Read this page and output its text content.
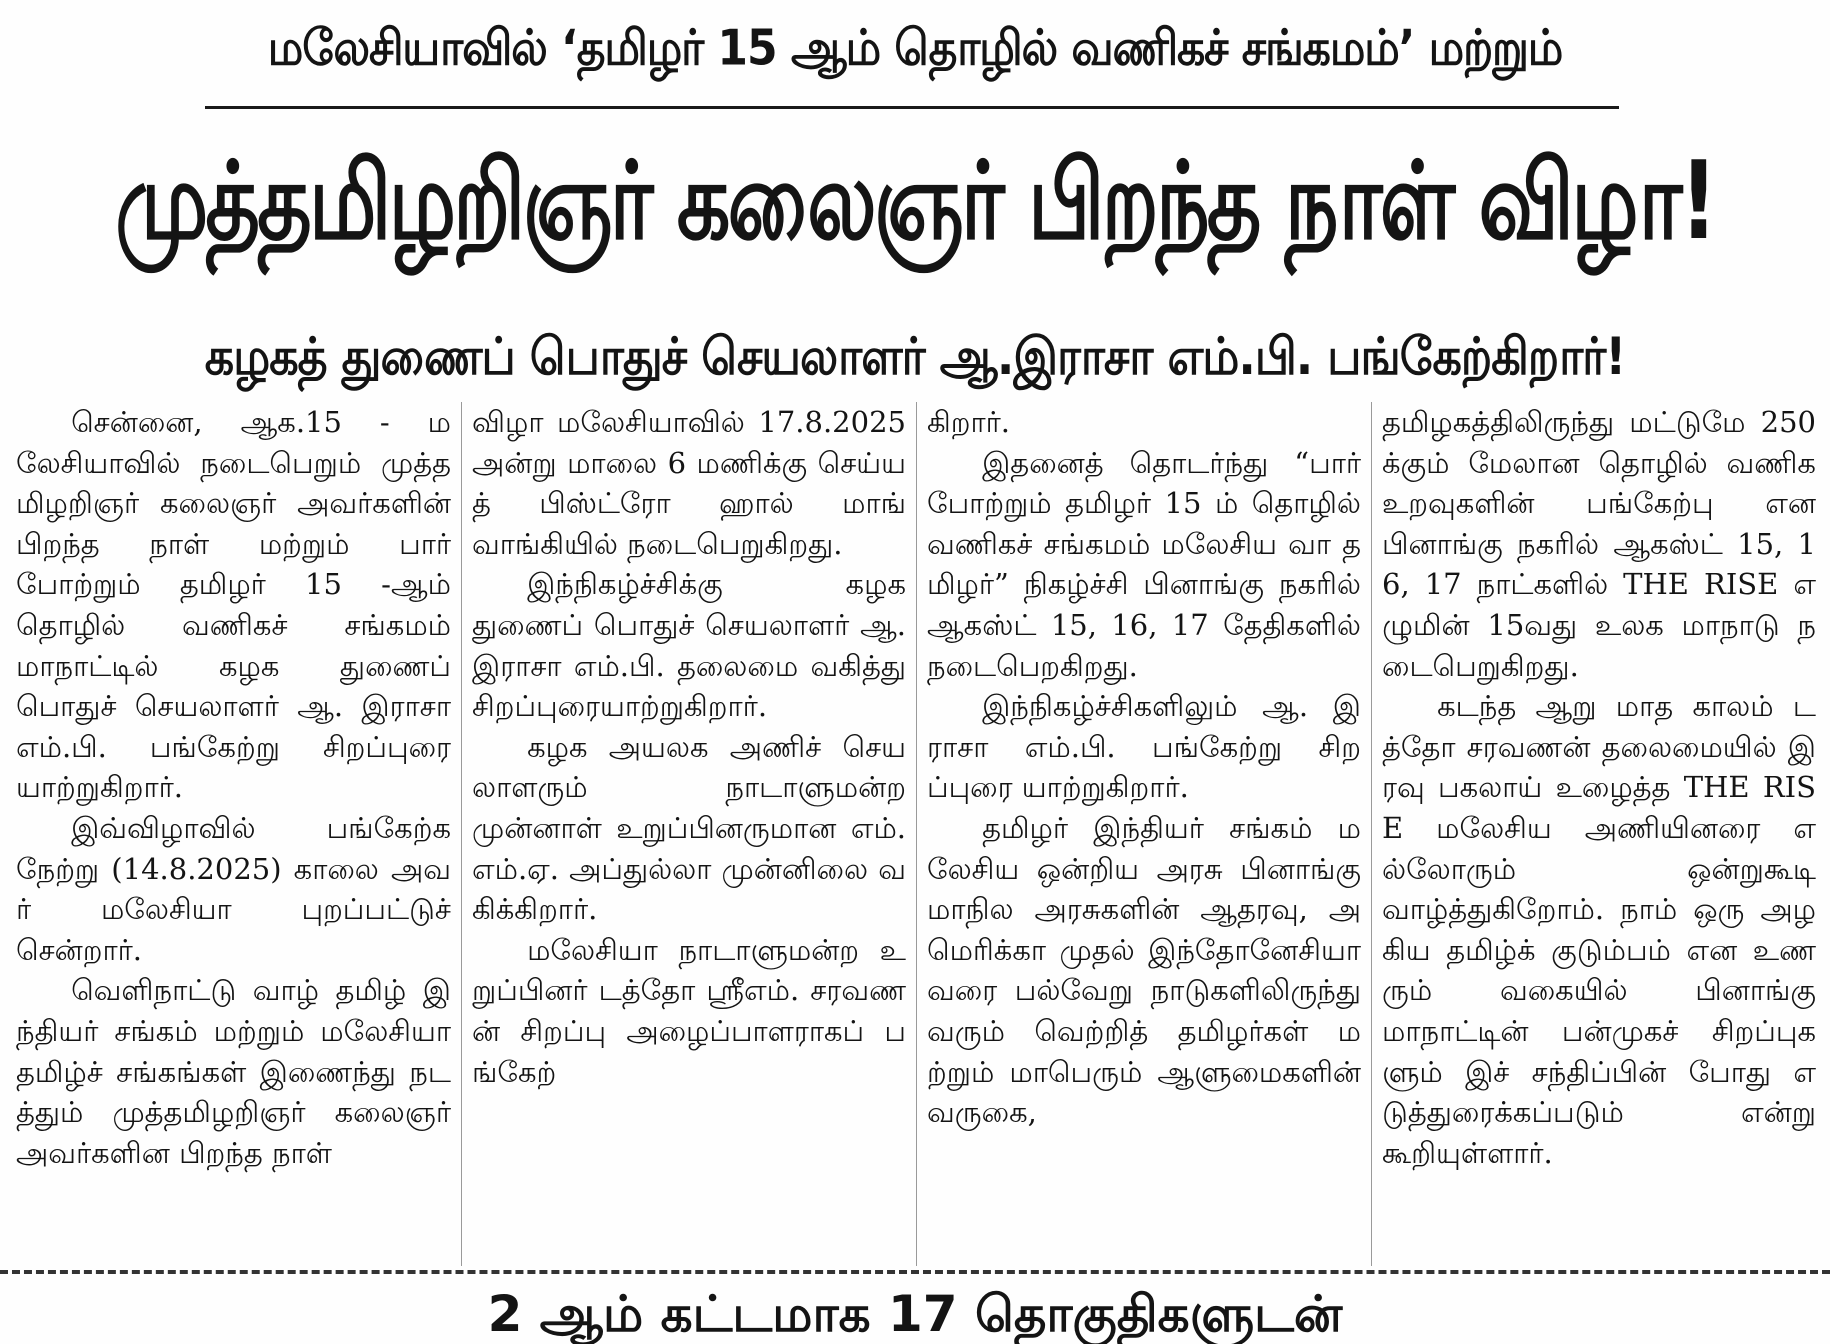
மலேசியாவில் ‘தமிழர் 15 ஆம் தொழில் வணிகச் சங்கமம்’ மற்றும்
முத்தமிழறிஞர் கலைஞர் பிறந்த நாள் விழா!
கழகத் துணைப் பொதுச் செயலாளர் ஆ.இராசா எம்.பி. பங்கேற்கிறார்!

சென்னை, ஆக.15 - மலேசியாவில் நடைபெறும் முத்தமிழறிஞர் கலைஞர் அவர்களின் பிறந்த நாள் மற்றும் பார் போற்றும் தமிழர் 15 -ஆம் தொழில் வணிகச் சங்கமம் மாநாட்டில் கழக துணைப் பொதுச் செயலாளர் ஆ. இராசா எம்.பி. பங்கேற்று சிறப்புரை யாற்றுகிறார்.

இவ்விழாவில் பங்கேற்க நேற்று (14.8.2025) காலை அவர் மலேசியா புறப்பட்டுச் சென்றார்.

வெளிநாட்டு வாழ் தமிழ் இந்தியர் சங்கம் மற்றும் மலேசியா தமிழ்ச் சங்கங்கள் இணைந்து நடத்தும் முத்தமிழறிஞர் கலைஞர் அவர்களின பிறந்த நாள்

விழா மலேசியாவில் 17.8.2025 அன்று மாலை 6 மணிக்கு செய்யத் பிஸ்ட்ரோ ஹால் மாங் வாங்கியில் நடைபெறுகிறது.

இந்நிகழ்ச்சிக்கு கழக துணைப் பொதுச் செயலாளர் ஆ.இராசா எம்.பி. தலைமை வகித்து சிறப்புரையாற்றுகிறார்.

கழக அயலக அணிச் செயலாளரும் நாடாளுமன்ற முன்னாள் உறுப்பினருமான எம்.எம்.ஏ. அப்துல்லா முன்னிலை வகிக்கிறார்.

மலேசியா நாடாளுமன்ற உறுப்பினர் டத்தோ ஸ்ரீஎம். சரவணன் சிறப்பு அழைப்பாளராகப் பங்கேற்

கிறார்.

இதனைத் தொடர்ந்து “பார் போற்றும் தமிழர் 15 ம் தொழில் வணிகச் சங்கமம் மலேசிய வா தமிழர்” நிகழ்ச்சி பினாங்கு நகரில் ஆகஸ்ட் 15, 16, 17 தேதிகளில் நடைபெறகிறது.

இந்நிகழ்ச்சிகளிலும் ஆ. இராசா எம்.பி. பங்கேற்று சிறப்புரை யாற்றுகிறார்.

தமிழர் இந்தியர் சங்கம் மலேசிய ஒன்றிய அரசு பினாங்கு மாநில அரசுகளின் ஆதரவு, அமெரிக்கா முதல் இந்தோனேசியா வரை பல்வேறு நாடுகளிலிருந்து வரும் வெற்றித் தமிழர்கள் மற்றும் மாபெரும் ஆளுமைகளின் வருகை,

தமிழகத்திலிருந்து மட்டுமே 250க்கும் மேலான தொழில் வணிக உறவுகளின் பங்கேற்பு என பினாங்கு நகரில் ஆகஸ்ட் 15, 16, 17 நாட்களில் THE RISE எழுமின் 15வது உலக மாநாடு நடைபெறுகிறது.

கடந்த ஆறு மாத காலம் டத்தோ சரவணன் தலைமையில் இரவு பகலாய் உழைத்த THE RISE மலேசிய அணியினரை எல்லோரும் ஒன்றுகூடி வாழ்த்துகிறோம். நாம் ஒரு அழகிய தமிழ்க் குடும்பம் என உணரும் வகையில் பினாங்கு மாநாட்டின் பன்முகச் சிறப்புகளும் இச் சந்திப்பின் போது எடுத்துரைக்கப்படும் என்று கூறியுள்ளார்.

2 ஆம் கட்டமாக 17 தொகுதிகளுடன்
